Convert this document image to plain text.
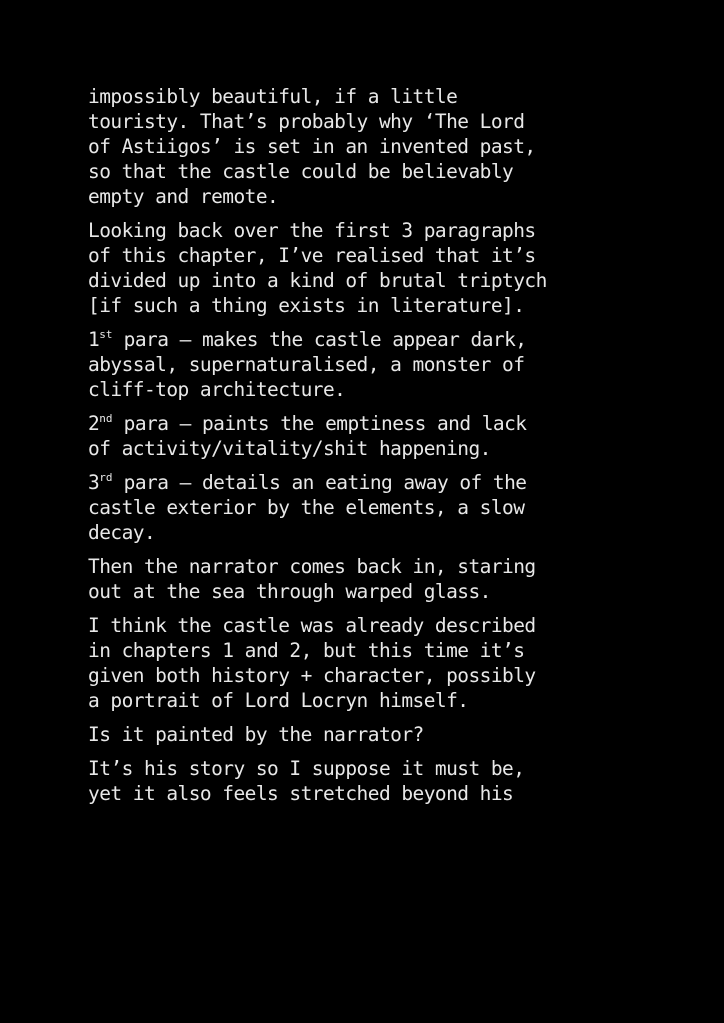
impossibly beautiful, if a little
touristy. That’s probably why ‘The Lord
of Astiigos’ is set in an invented past,
so that the castle could be believably
empty and remote.

Looking back over the first 3 paragraphs
of this chapter, I’ve realised that it’s
divided up into a kind of brutal triptych
[if such a thing exists in literature].

1st para – makes the castle appear dark,
abyssal, supernaturalised, a monster of
cliff-top architecture.

2nd para – paints the emptiness and lack
of activity/vitality/shit happening.

3rd para – details an eating away of the
castle exterior by the elements, a slow
decay.

Then the narrator comes back in, staring
out at the sea through warped glass.

I think the castle was already described
in chapters 1 and 2, but this time it’s
given both history + character, possibly
a portrait of Lord Locryn himself.

Is it painted by the narrator?

It’s his story so I suppose it must be,
yet it also feels stretched beyond his
